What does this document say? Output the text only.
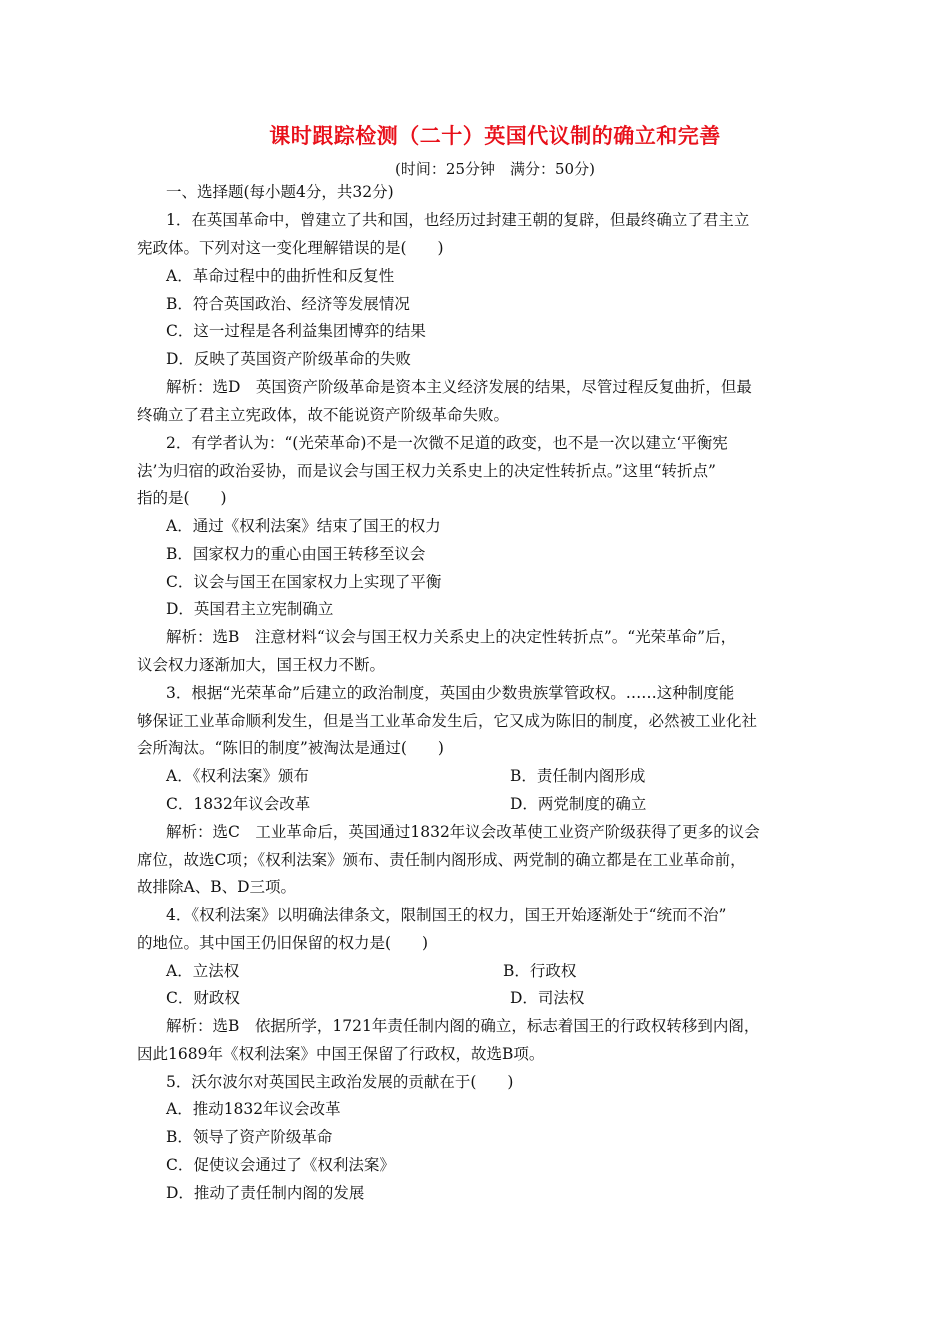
课时跟踪检测（二十）英国代议制的确立和完善
(时间：25分钟　满分：50分)
一、选择题(每小题4分，共32分)
1．在英国革命中，曾建立了共和国，也经历过封建王朝的复辟，但最终确立了君主立
宪政体。下列对这一变化理解错误的是(　　)
A．革命过程中的曲折性和反复性
B．符合英国政治、经济等发展情况
C．这一过程是各利益集团博弈的结果
D．反映了英国资产阶级革命的失败
解析：选D　英国资产阶级革命是资本主义经济发展的结果，尽管过程反复曲折，但最
终确立了君主立宪政体，故不能说资产阶级革命失败。
2．有学者认为：“(光荣革命)不是一次微不足道的政变，也不是一次以建立‘平衡宪
法’为归宿的政治妥协，而是议会与国王权力关系史上的决定性转折点。”这里“转折点”
指的是(　　)
A．通过《权利法案》结束了国王的权力
B．国家权力的重心由国王转移至议会
C．议会与国王在国家权力上实现了平衡
D．英国君主立宪制确立
解析：选B　注意材料“议会与国王权力关系史上的决定性转折点”。“光荣革命”后，
议会权力逐渐加大，国王权力不断。
3．根据“光荣革命”后建立的政治制度，英国由少数贵族掌管政权。……这种制度能
够保证工业革命顺利发生，但是当工业革命发生后，它又成为陈旧的制度，必然被工业化社
会所淘汰。“陈旧的制度”被淘汰是通过(　　)
A．《权利法案》颁布	B．责任制内阁形成
C．1832年议会改革	D．两党制度的确立
解析：选C　工业革命后，英国通过1832年议会改革使工业资产阶级获得了更多的议会
席位，故选C项；《权利法案》颁布、责任制内阁形成、两党制的确立都是在工业革命前，
故排除A、B、D三项。
4．《权利法案》以明确法律条文，限制国王的权力，国王开始逐渐处于“统而不治”
的地位。其中国王仍旧保留的权力是(　　)
A．立法权	B．行政权
C．财政权	D．司法权
解析：选B　依据所学，1721年责任制内阁的确立，标志着国王的行政权转移到内阁，
因此1689年《权利法案》中国王保留了行政权，故选B项。
5．沃尔波尔对英国民主政治发展的贡献在于(　　)
A．推动1832年议会改革
B．领导了资产阶级革命
C．促使议会通过了《权利法案》
D．推动了责任制内阁的发展
